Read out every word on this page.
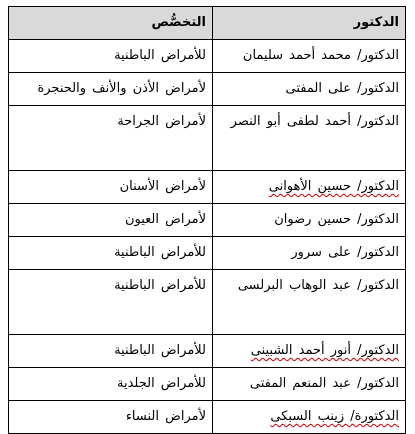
الدكتور	التخصُّص
الدكتور/ محمد أحمد سليمان	للأمراض الباطنية
الدكتور/ على المفتى	لأمراض الأذن والأنف والحنجرة
الدكتور/ أحمد لطفى أبو النصر	لأمراض الجراحة
الدكتور/ حسين الأهوانى	لأمراض الأسنان
الدكتور/ حسين رضوان	لأمراض العيون
الدكتور/ على سرور	للأمراض الباطنية
الدكتور/ عبد الوهاب البرلسى	للأمراض الباطنية
الدكتور/ أنور أحمد الشبينى	للأمراض الباطنية
الدكتور/ عبد المنعم المفتى	للأمراض الجلدية
الدكتورة/ زينب السبكى	لأمراض النساء
